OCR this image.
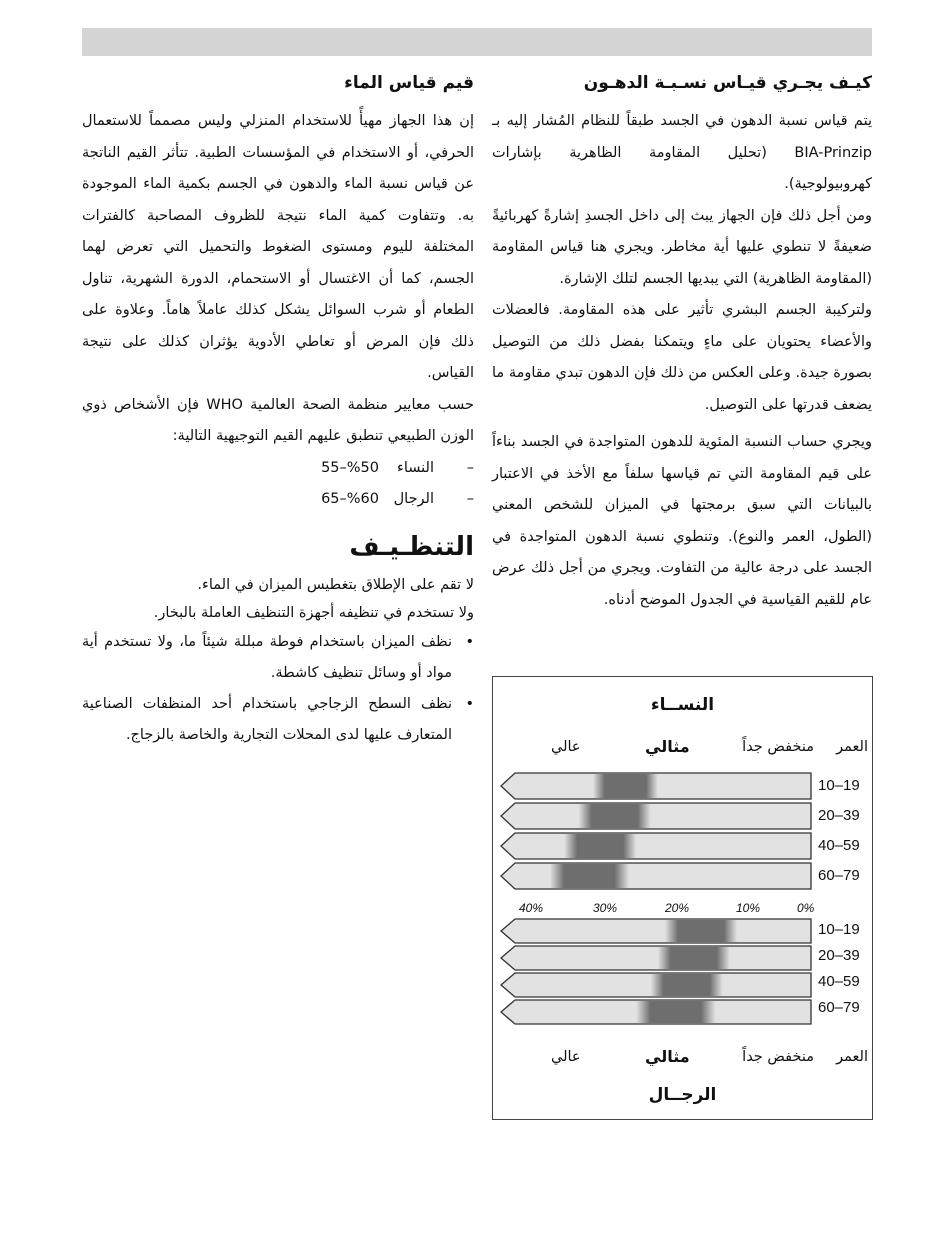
كيـف يجـري قيـاس نسـبـة الدهـون

يتم قياس نسبة الدهون في الجسد طبقاً للنظام المُشار إليه بـ BIA-Prinzip (تحليل المقاومة الظاهرية بإشارات كهروبيولوجية).

ومن أجل ذلك فإن الجهاز يبث إلى داخل الجسدِ إشارةً كهربائيةً ضعيفةً لا تنطوي عليها أية مخاطر. ويجري هنا قياس المقاومة (المقاومة الظاهرية) التي يبديها الجسم لتلك الإشارة.

ولتركيبة الجسم البشري تأثير على هذه المقاومة. فالعضلات والأعضاء يحتويان على ماءٍ ويتمكنا بفضل ذلك من التوصيل بصورة جيدة. وعلى العكس من ذلك فإن الدهون تبدي مقاومة ما يضعف قدرتها على التوصيل.

ويجري حساب النسبة المئوية للدهون المتواجدة في الجسد بناءاً على قيم المقاومة التي تم قياسها سلفاً مع الأخذ في الاعتبار بالبيانات التي سبق برمجتها في الميزان للشخص المعني (الطول، العمر والنوع). وتنطوي نسبة الدهون المتواجدة في الجسد على درجة عالية من التفاوت. ويجري من أجل ذلك عرض عام للقيم القياسية في الجدول الموضح أدناه.

قيم قياس الماء

إن هذا الجهاز مهيأً للاستخدام المنزلي وليس مصمماً للاستعمال الحرفي، أو الاستخدام في المؤسسات الطبية. تتأثر القيم الناتجة عن قياس نسبة الماء والدهون في الجسم بكمية الماء الموجودة به. وتتفاوت كمية الماء نتيجة للظروف المصاحبة كالفترات المختلفة لليوم ومستوى الضغوط والتحميل التي تعرض لهما الجسم، كما أن الاغتسال أو الاستحمام، الدورة الشهرية، تناول الطعام أو شرب السوائل يشكل كذلك عاملاً هاماً. وعلاوة على ذلك فإن المرض أو تعاطي الأدوية يؤثران كذلك على نتيجة القياس.

حسب معايير منظمة الصحة العالمية WHO فإن الأشخاص ذوي الوزن الطبيعي تنطبق عليهم القيم التوجيهية التالية:

–
النساء
%50–55
–
الرجال
%60–65
التنظـيـف

لا تقم على الإطلاق بتغطيس الميزان في الماء.

ولا تستخدم في تنظيفه أجهزة التنظيف العاملة بالبخار.

•
نظف الميزان باستخدام فوطة مبللة شيئاً ما، ولا تستخدم أية مواد أو وسائل تنظيف كاشطة.
•
نظف السطح الزجاجي باستخدام أحد المنظفات الصناعية المتعارف عليها لدى المحلات التجارية والخاصة بالزجاج.
النســاء
العمر
منخفض جداً
مثالي
عالي
10–19
20–39
40–59
60–79
40%	30%	20%	10%	0%
10–19
20–39
40–59
60–79
العمر
منخفض جداً
مثالي
عالي
الرجــال
